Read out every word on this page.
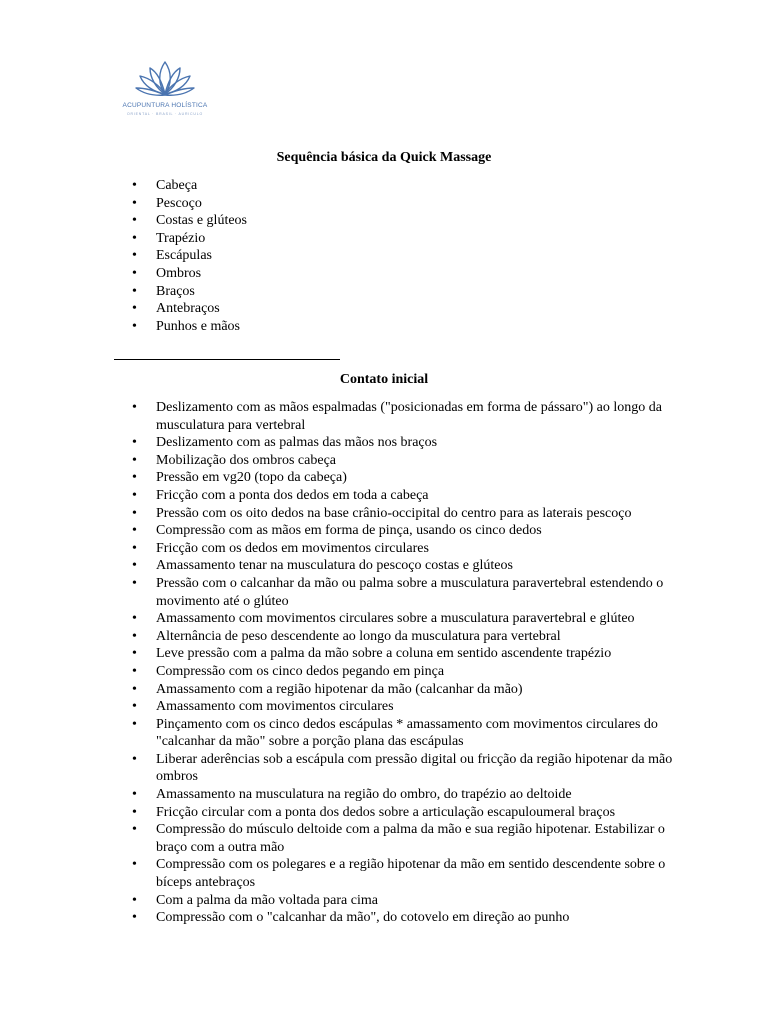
ACUPUNTURA HOLÍSTICA
ORIENTAL · BRASIL · AURICULO
Sequência básica da Quick Massage
• Cabeça
• Pescoço
• Costas e glúteos
• Trapézio
• Escápulas
• Ombros
• Braços
• Antebraços
• Punhos e mãos
Contato inicial
• Deslizamento com as mãos espalmadas ("posicionadas em forma de pássaro") ao longo da musculatura para vertebral
• Deslizamento com as palmas das mãos nos braços
• Mobilização dos ombros cabeça
• Pressão em vg20 (topo da cabeça)
• Fricção com a ponta dos dedos em toda a cabeça
• Pressão com os oito dedos na base crânio-occipital do centro para as laterais pescoço
• Compressão com as mãos em forma de pinça, usando os cinco dedos
• Fricção com os dedos em movimentos circulares
• Amassamento tenar na musculatura do pescoço costas e glúteos
• Pressão com o calcanhar da mão ou palma sobre a musculatura paravertebral estendendo o movimento até o glúteo
• Amassamento com movimentos circulares sobre a musculatura paravertebral e glúteo
• Alternância de peso descendente ao longo da musculatura para vertebral
• Leve pressão com a palma da mão sobre a coluna em sentido ascendente trapézio
• Compressão com os cinco dedos pegando em pinça
• Amassamento com a região hipotenar da mão (calcanhar da mão)
• Amassamento com movimentos circulares
• Pinçamento com os cinco dedos escápulas * amassamento com movimentos circulares do "calcanhar da mão" sobre a porção plana das escápulas
• Liberar aderências sob a escápula com pressão digital ou fricção da região hipotenar da mão ombros
• Amassamento na musculatura na região do ombro, do trapézio ao deltoide
• Fricção circular com a ponta dos dedos sobre a articulação escapuloumeral braços
• Compressão do músculo deltoide com a palma da mão e sua região hipotenar. Estabilizar o braço com a outra mão
• Compressão com os polegares e a região hipotenar da mão em sentido descendente sobre o bíceps antebraços
• Com a palma da mão voltada para cima
• Compressão com o "calcanhar da mão", do cotovelo em direção ao punho
